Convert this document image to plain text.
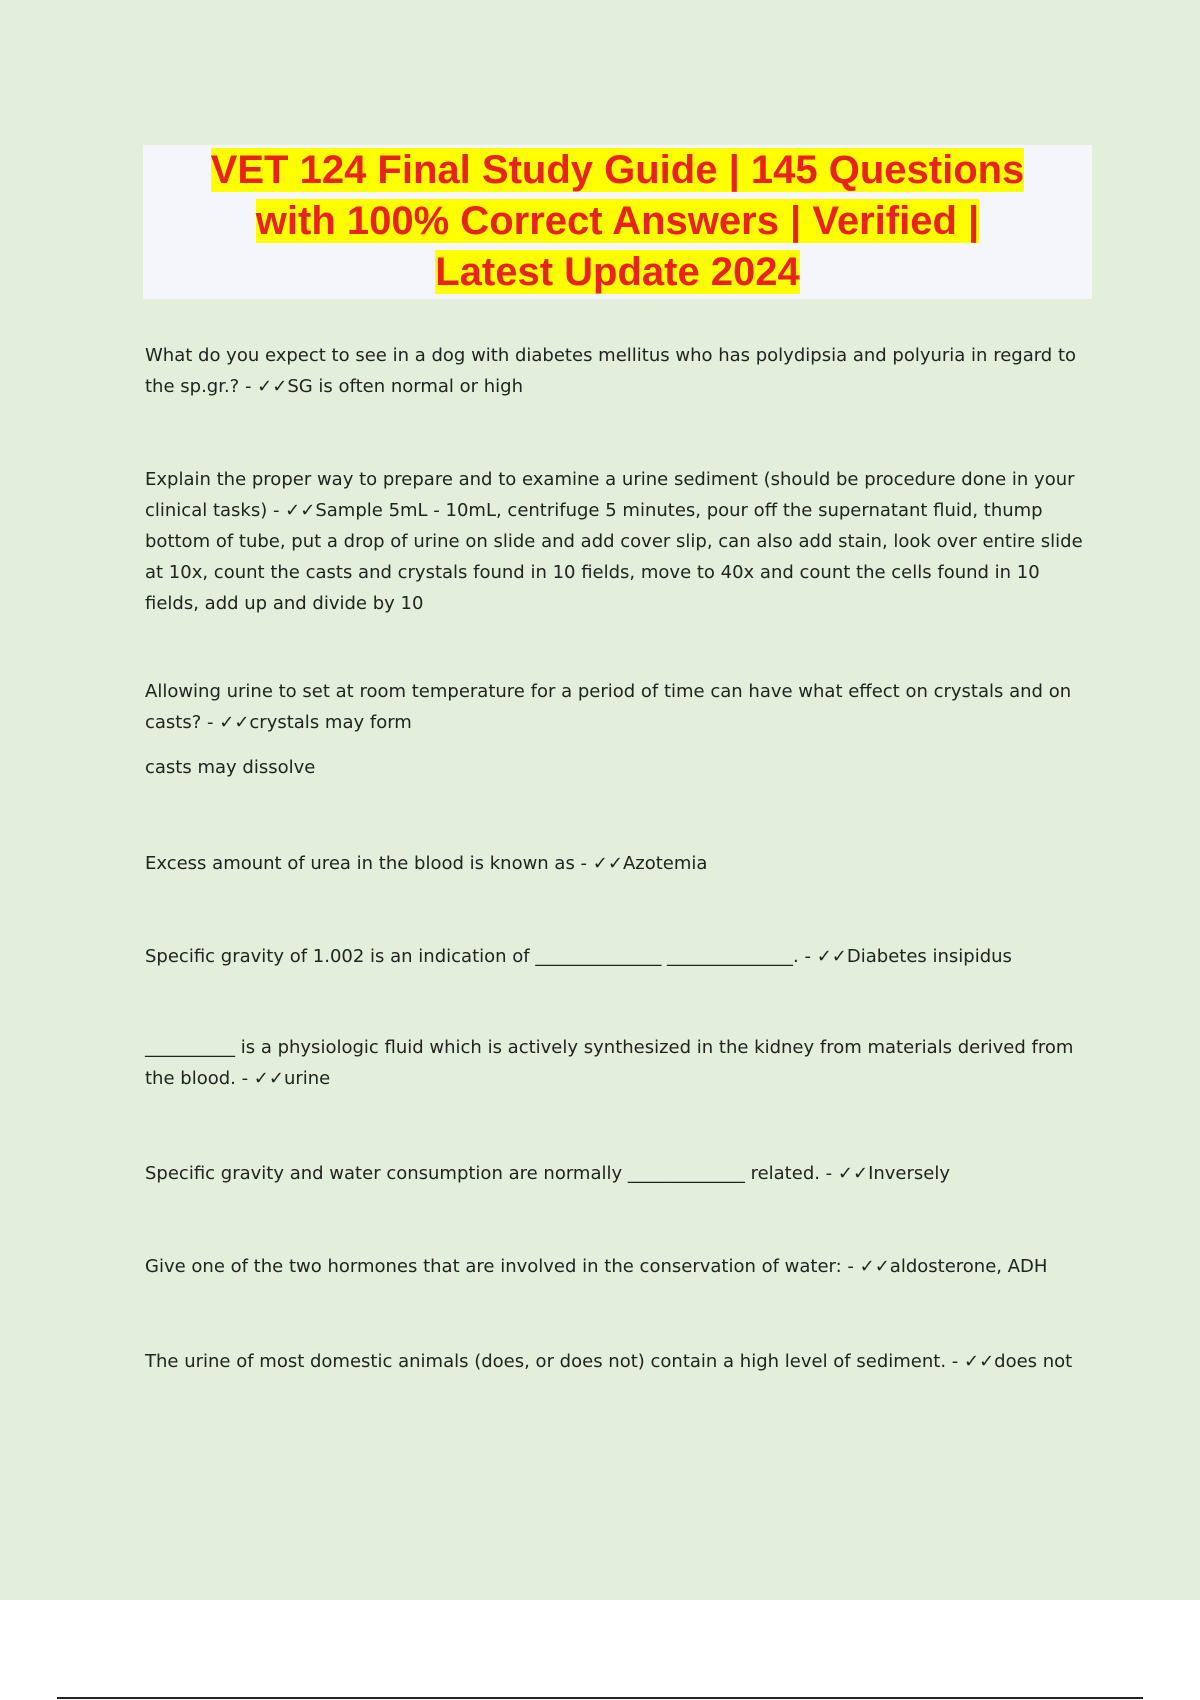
VET 124 Final Study Guide | 145 Questions
with 100% Correct Answers | Verified |
Latest Update 2024

What do you expect to see in a dog with diabetes mellitus who has polydipsia and polyuria in regard to the sp.gr.? - ✓✓SG is often normal or high

Explain the proper way to prepare and to examine a urine sediment (should be procedure done in your clinical tasks) - ✓✓Sample 5mL - 10mL, centrifuge 5 minutes, pour off the supernatant fluid, thump bottom of tube, put a drop of urine on slide and add cover slip, can also add stain, look over entire slide at 10x, count the casts and crystals found in 10 fields, move to 40x and count the cells found in 10 fields, add up and divide by 10

Allowing urine to set at room temperature for a period of time can have what effect on crystals and on casts? - ✓✓crystals may form

casts may dissolve

Excess amount of urea in the blood is known as - ✓✓Azotemia

Specific gravity of 1.002 is an indication of ______________ ______________. - ✓✓Diabetes insipidus

__________ is a physiologic fluid which is actively synthesized in the kidney from materials derived from the blood. - ✓✓urine

Specific gravity and water consumption are normally _____________ related. - ✓✓Inversely

Give one of the two hormones that are involved in the conservation of water: - ✓✓aldosterone, ADH

The urine of most domestic animals (does, or does not) contain a high level of sediment. - ✓✓does not
